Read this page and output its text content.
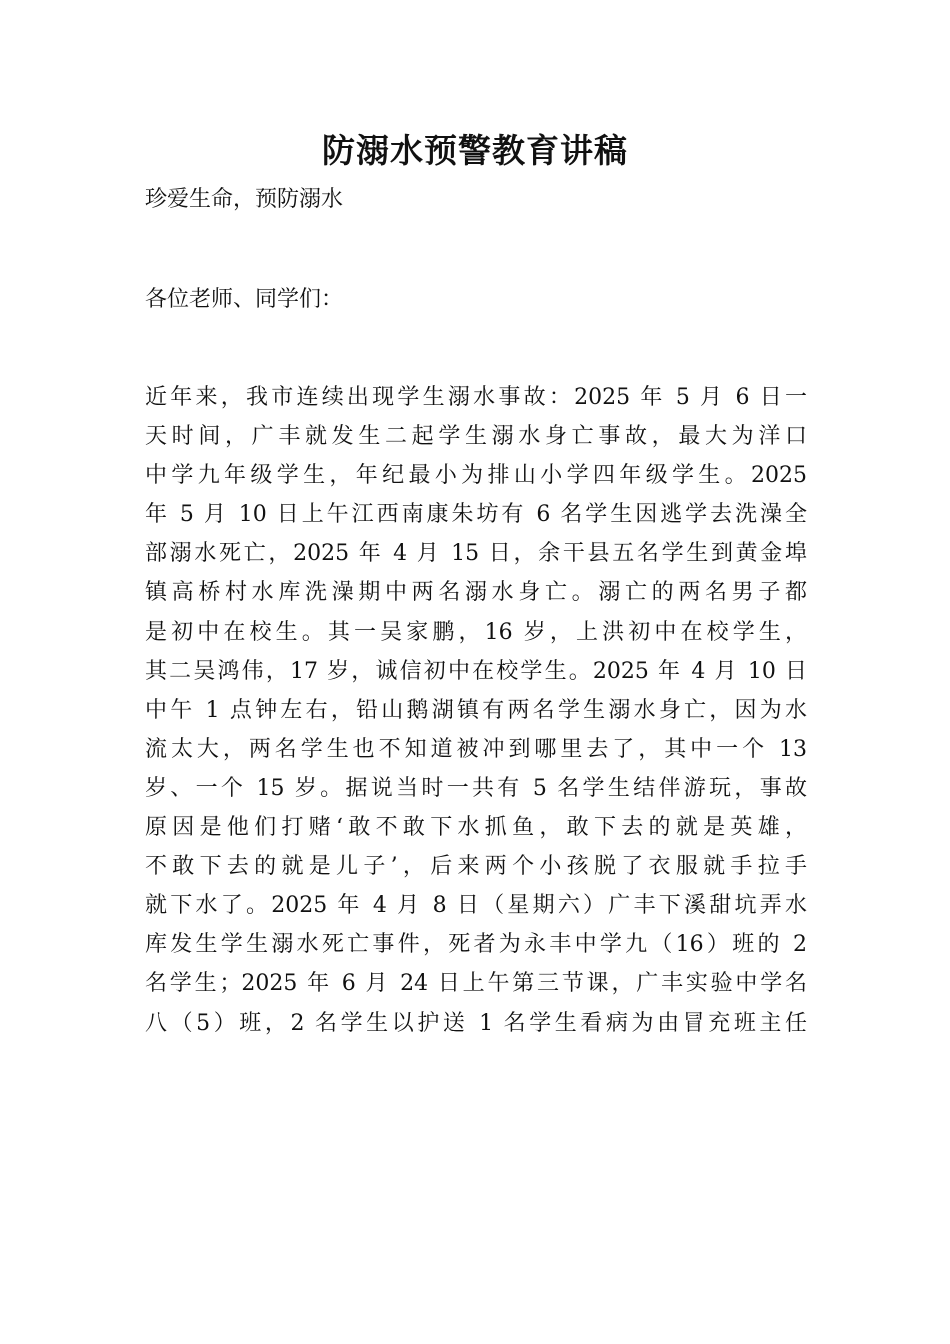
防溺水预警教育讲稿
珍爱生命，预防溺水
各位老师、同学们：
近年来，我市连续出现学生溺水事故：2025 年 5 月 6 日一
天时间，广丰就发生二起学生溺水身亡事故，最大为洋口
中学九年级学生，年纪最小为排山小学四年级学生。2025
年 5 月 10 日上午江西南康朱坊有 6 名学生因逃学去洗澡全
部溺水死亡，2025 年 4 月 15 日，余干县五名学生到黄金埠
镇高桥村水库洗澡期中两名溺水身亡。溺亡的两名男子都
是初中在校生。其一吴家鹏，16 岁，上洪初中在校学生，
其二吴鸿伟，17 岁，诚信初中在校学生。2025 年 4 月 10 日
中午 1 点钟左右，铅山鹅湖镇有两名学生溺水身亡，因为水
流太大，两名学生也不知道被冲到哪里去了，其中一个 13
岁、一个 15 岁。据说当时一共有 5 名学生结伴游玩，事故
原因是他们打赌‘敢不敢下水抓鱼，敢下去的就是英雄，
不敢下去的就是儿子’，后来两个小孩脱了衣服就手拉手
就下水了。2025 年 4 月 8 日（星期六）广丰下溪甜坑弄水
库发生学生溺水死亡事件，死者为永丰中学九（16）班的 2
名学生；2025 年 6 月 24 日上午第三节课，广丰实验中学名
八（5）班，2 名学生以护送 1 名学生看病为由冒充班主任
